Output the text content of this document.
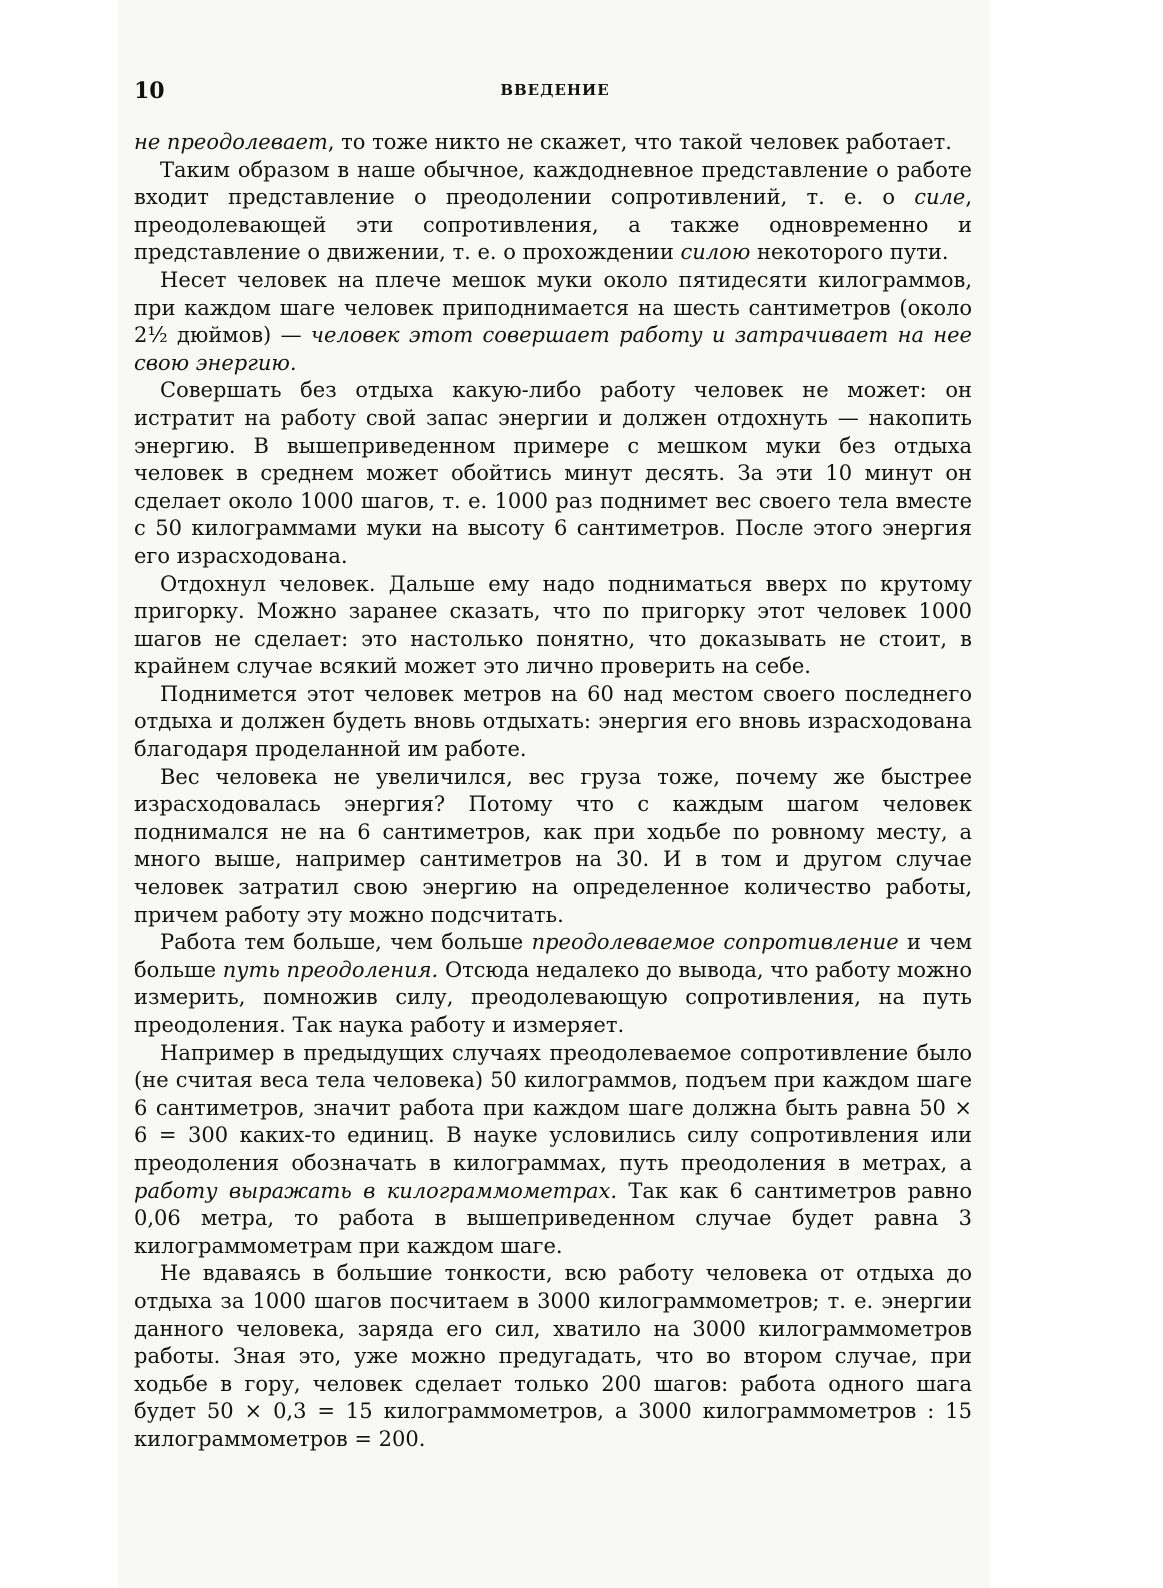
10	ВВЕДЕНИЕ

не преодолевает, то тоже никто не скажет, что такой человек работает.

Таким образом в наше обычное, каждодневное представление о работе входит представление о преодолении сопротивлений, т. е. о силе, преодолевающей эти сопротивления, а также одновременно и представление о движении, т. е. о прохождении силою некоторого пути.

Несет человек на плече мешок муки около пятидесяти килограммов, при каждом шаге человек приподнимается на шесть сантиметров (около 2½ дюймов) — человек этот совершает работу и затрачивает на нее свою энергию.

Совершать без отдыха какую-либо работу человек не может: он истратит на работу свой запас энергии и должен отдохнуть — накопить энергию. В вышеприведенном примере с мешком муки без отдыха человек в среднем может обойтись минут десять. За эти 10 минут он сделает около 1000 шагов, т. е. 1000 раз поднимет вес своего тела вместе с 50 килограммами муки на высоту 6 сантиметров. После этого энергия его израсходована.

Отдохнул человек. Дальше ему надо подниматься вверх по крутому пригорку. Можно заранее сказать, что по пригорку этот человек 1000 шагов не сделает: это настолько понятно, что доказывать не стоит, в крайнем случае всякий может это лично проверить на себе.

Поднимется этот человек метров на 60 над местом своего последнего отдыха и должен будеть вновь отдыхать: энергия его вновь израсходована благодаря проделанной им работе.

Вес человека не увеличился, вес груза тоже, почему же быстрее израсходовалась энергия? Потому что с каждым шагом человек поднимался не на 6 сантиметров, как при ходьбе по ровному месту, а много выше, например сантиметров на 30. И в том и другом случае человек затратил свою энергию на определенное количество работы, причем работу эту можно подсчитать.

Работа тем больше, чем больше преодолеваемое сопротивление и чем больше путь преодоления. Отсюда недалеко до вывода, что работу можно измерить, помножив силу, преодолевающую сопротивления, на путь преодоления. Так наука работу и измеряет.

Например в предыдущих случаях преодолеваемое сопротивление было (не считая веса тела человека) 50 килограммов, подъем при каждом шаге 6 сантиметров, значит работа при каждом шаге должна быть равна 50 × 6 = 300 каких-то единиц. В науке условились силу сопротивления или преодоления обозначать в килограммах, путь преодоления в метрах, а работу выражать в килограммометрах. Так как 6 сантиметров равно 0,06 метра, то работа в вышеприведенном случае будет равна 3 килограммометрам при каждом шаге.

Не вдаваясь в большие тонкости, всю работу человека от отдыха до отдыха за 1000 шагов посчитаем в 3000 килограммометров; т. е. энергии данного человека, заряда его сил, хватило на 3000 килограммометров работы. Зная это, уже можно предугадать, что во втором случае, при ходьбе в гору, человек сделает только 200 шагов: работа одного шага будет 50 × 0,3 = 15 килограммометров, а 3000 килограммометров : 15 килограммометров = 200.
